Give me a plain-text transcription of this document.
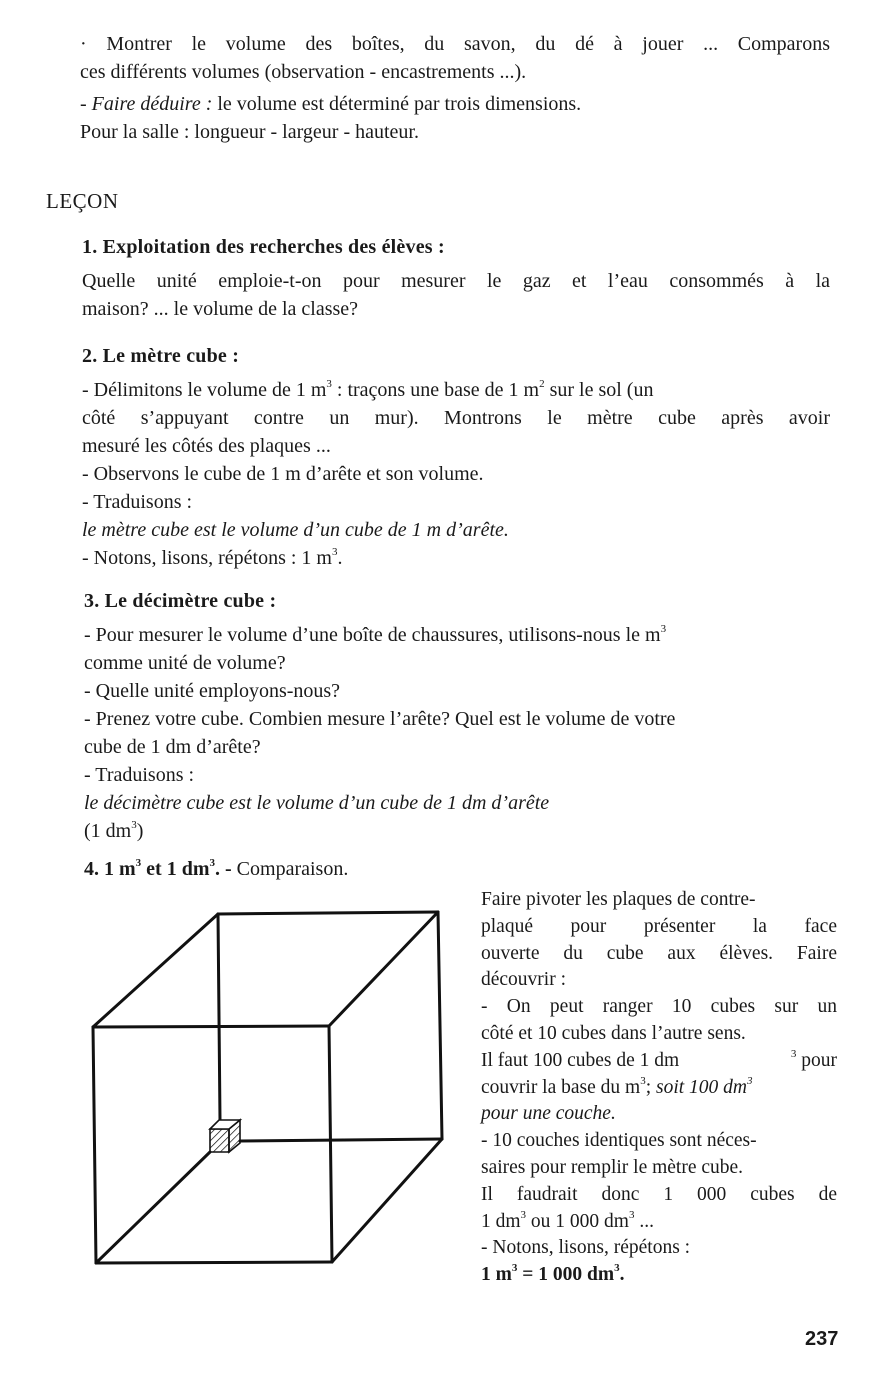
· Montrer le volume des boîtes, du savon, du dé à jouer ... Comparons
ces différents volumes (observation - encastrements ...).
- Faire déduire : le volume est déterminé par trois dimensions.
Pour la salle : longueur - largeur - hauteur.
LEÇON
1. Exploitation des recherches des élèves :
Quelle unité emploie-t-on pour mesurer le gaz et l’eau consommés à la
maison? ... le volume de la classe?
2. Le mètre cube :
- Délimitons le volume de 1 $m^3$ : traçons une base de 1 $m^2$ sur le sol (un
côté s’appuyant contre un mur). Montrons le mètre cube après avoir
mesuré les côtés des plaques ...
- Observons le cube de 1 m d’arête et son volume.
- Traduisons :
le mètre cube est le volume d’un cube de 1 m d’arête.
- Notons, lisons, répétons : 1 $m^3$.
3. Le décimètre cube :
- Pour mesurer le volume d’une boîte de chaussures, utilisons-nous le $m^3$
comme unité de volume?
- Quelle unité employons-nous?
- Prenez votre cube. Combien mesure l’arête? Quel est le volume de votre
cube de 1 dm d’arête?
- Traduisons :
le décimètre cube est le volume d’un cube de 1 dm d’arête
(1 $dm^3$)
4. 1 $m^3$ et 1 $dm^3$. - Comparaison.
Faire pivoter les plaques de contre-
plaqué pour présenter la face
ouverte du cube aux élèves. Faire
découvrir :
- On peut ranger 10 cubes sur un
côté et 10 cubes dans l’autre sens.
Il faut 100 cubes de 1 dm	$^3$ pour
couvrir la base du $m^3$; soit 100 $dm^3$
pour une couche.
- 10 couches identiques sont néces-
saires pour remplir le mètre cube.
Il faudrait donc 1 000 cubes de
1 $dm^3$ ou 1 000 $dm^3$ ...
- Notons, lisons, répétons :
1 $m^3 = 1$ 000 $dm^3$.
237
